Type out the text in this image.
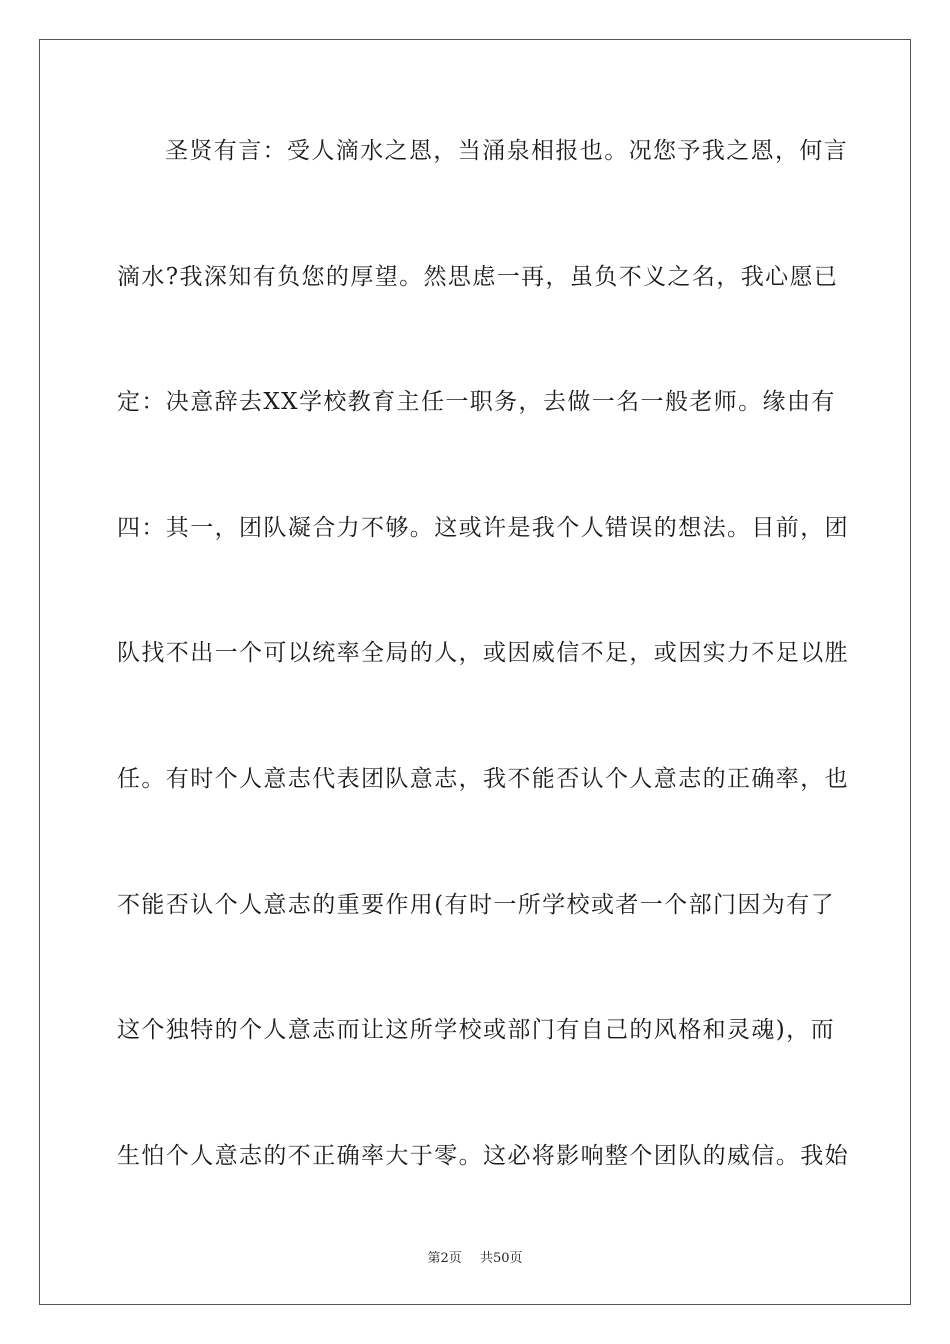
圣贤有言：受人滴水之恩，当涌泉相报也。况您予我之恩，何言
滴水?我深知有负您的厚望。然思虑一再，虽负不义之名，我心愿已
定：决意辞去XX学校教育主任一职务，去做一名一般老师。缘由有
四：其一，团队凝合力不够。这或许是我个人错误的想法。目前，团
队找不出一个可以统率全局的人，或因威信不足，或因实力不足以胜
任。有时个人意志代表团队意志，我不能否认个人意志的正确率，也
不能否认个人意志的重要作用(有时一所学校或者一个部门因为有了
这个独特的个人意志而让这所学校或部门有自己的风格和灵魂)，而
生怕个人意志的不正确率大于零。这必将影响整个团队的威信。我始
第2页 共50页
